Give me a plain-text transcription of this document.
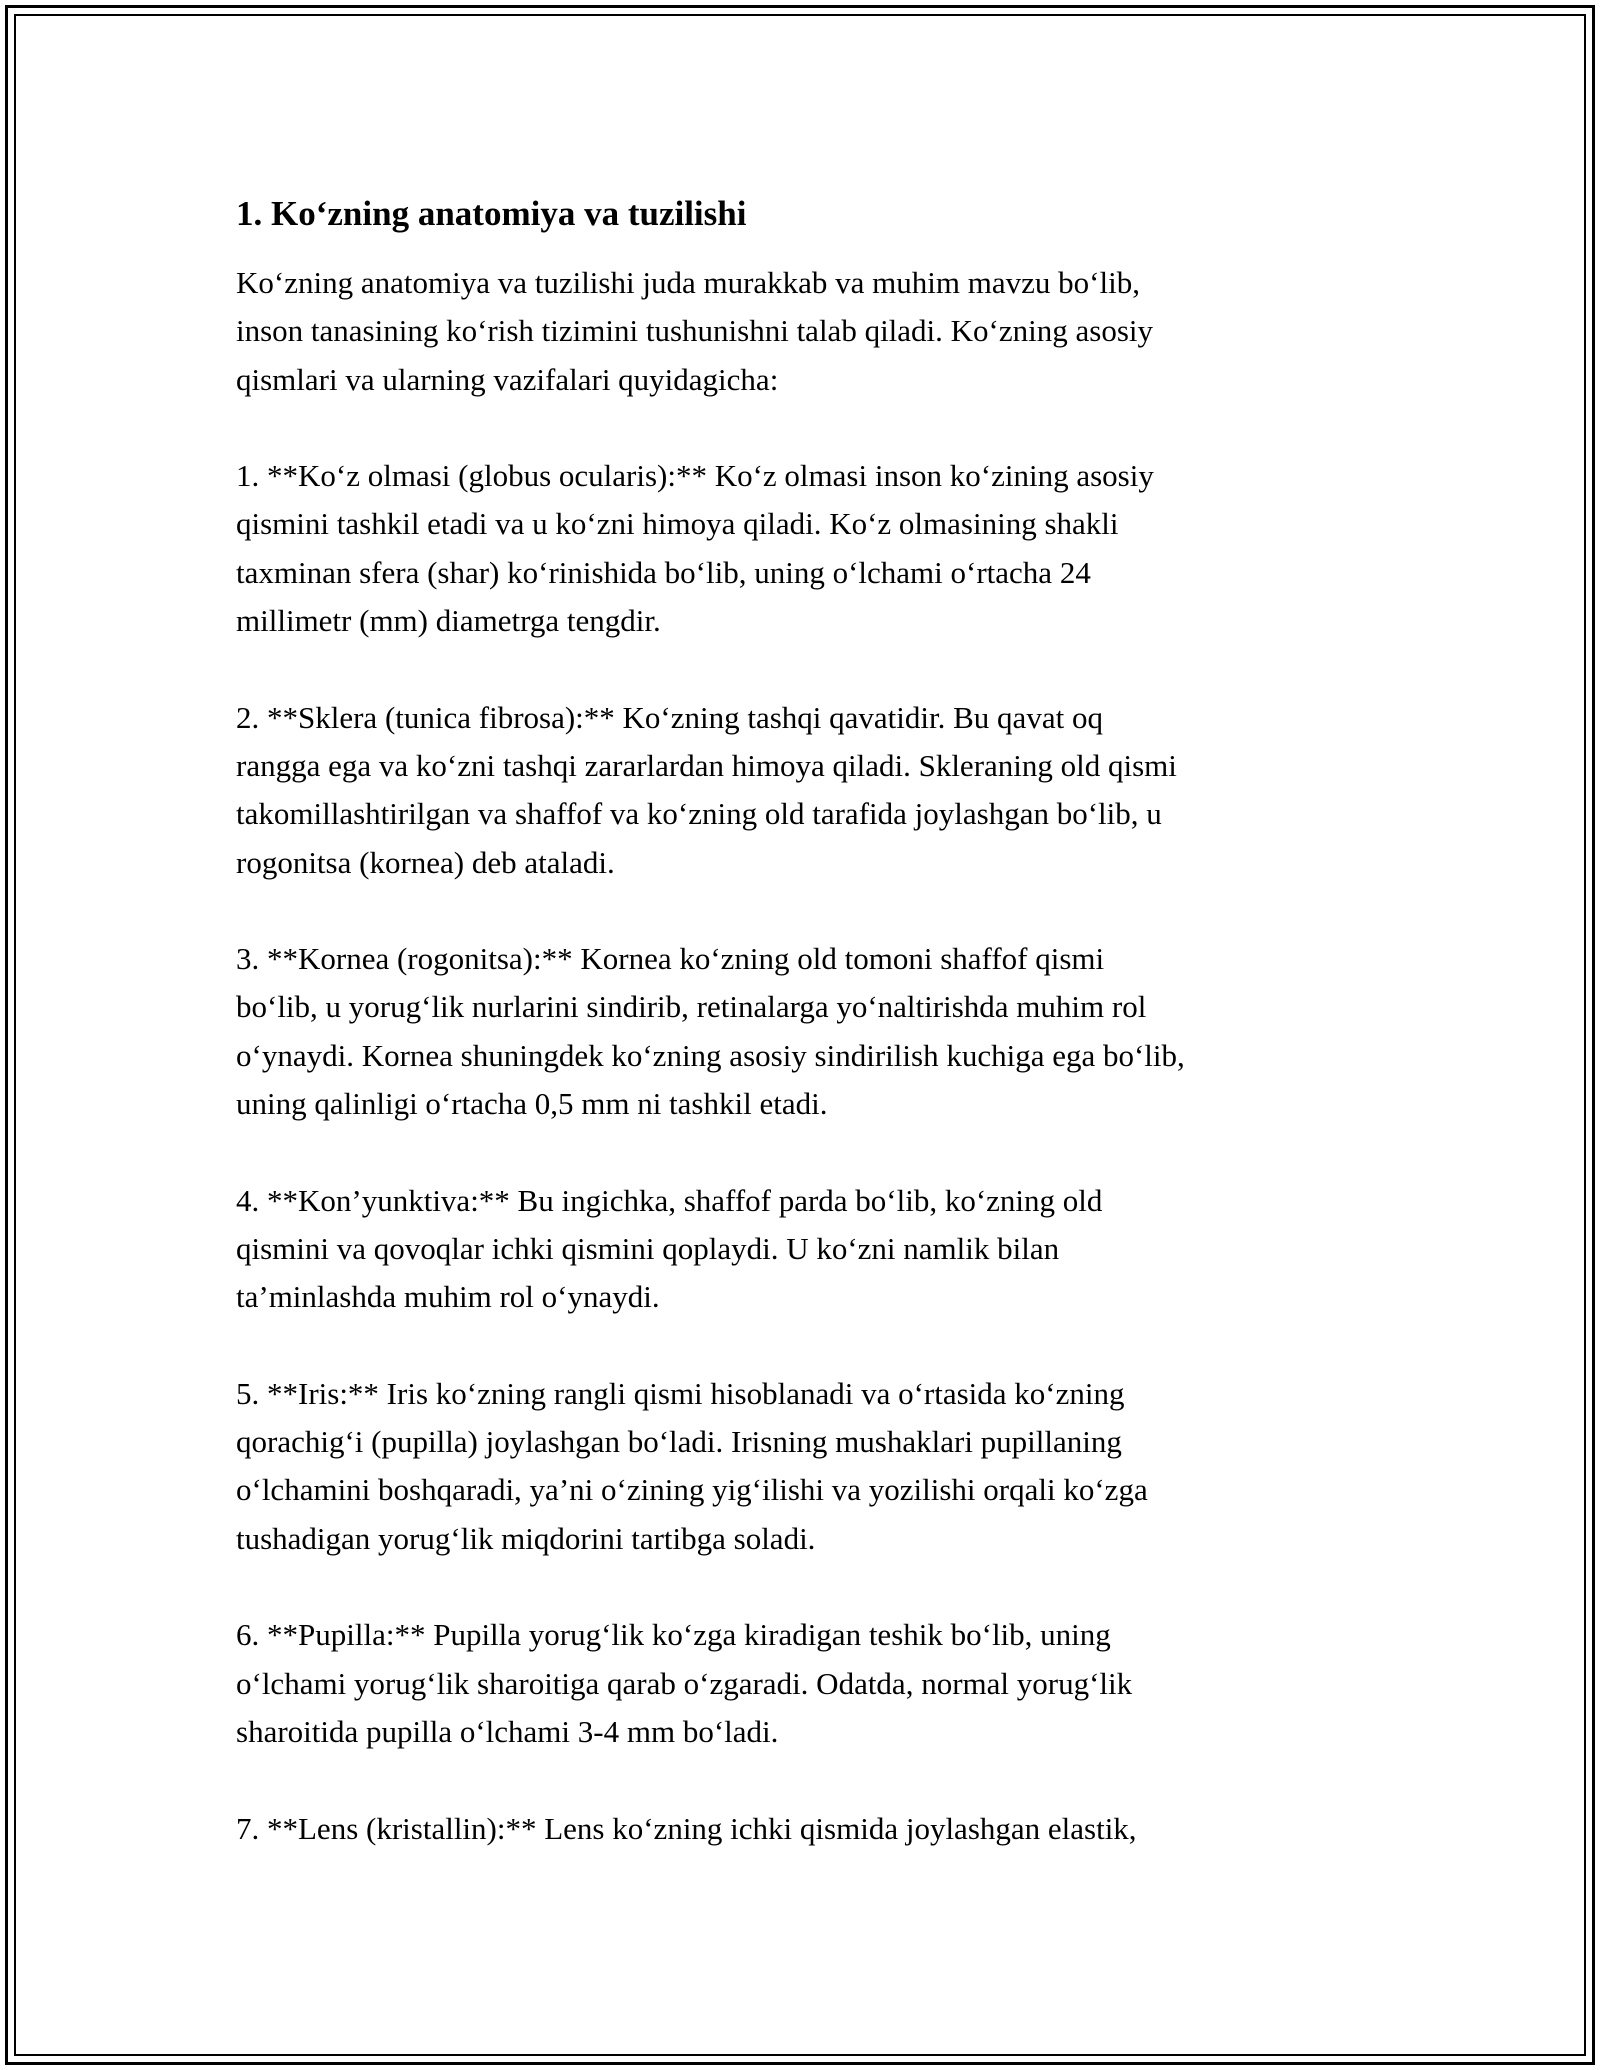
1. Koʻzning anatomiya va tuzilishi

Koʻzning anatomiya va tuzilishi juda murakkab va muhim mavzu boʻlib,
inson tanasining koʻrish tizimini tushunishni talab qiladi. Koʻzning asosiy
qismlari va ularning vazifalari quyidagicha:

1. **Koʻz olmasi (globus ocularis):** Koʻz olmasi inson koʻzining asosiy
qismini tashkil etadi va u koʻzni himoya qiladi. Koʻz olmasining shakli
taxminan sfera (shar) koʻrinishida boʻlib, uning oʻlchami oʻrtacha 24
millimetr (mm) diametrga tengdir.

2. **Sklera (tunica fibrosa):** Koʻzning tashqi qavatidir. Bu qavat oq
rangga ega va koʻzni tashqi zararlardan himoya qiladi. Skleraning old qismi
takomillashtirilgan va shaffof va koʻzning old tarafida joylashgan boʻlib, u
rogonitsa (kornea) deb ataladi.

3. **Kornea (rogonitsa):** Kornea koʻzning old tomoni shaffof qismi
boʻlib, u yorugʻlik nurlarini sindirib, retinalarga yoʻnaltirishda muhim rol
oʻynaydi. Kornea shuningdek koʻzning asosiy sindirilish kuchiga ega boʻlib,
uning qalinligi oʻrtacha 0,5 mm ni tashkil etadi.

4. **Kon’yunktiva:** Bu ingichka, shaffof parda boʻlib, koʻzning old
qismini va qovoqlar ichki qismini qoplaydi. U koʻzni namlik bilan
ta’minlashda muhim rol oʻynaydi.

5. **Iris:** Iris koʻzning rangli qismi hisoblanadi va oʻrtasida koʻzning
qorachigʻi (pupilla) joylashgan boʻladi. Irisning mushaklari pupillaning
oʻlchamini boshqaradi, ya’ni oʻzining yigʻilishi va yozilishi orqali koʻzga
tushadigan yorugʻlik miqdorini tartibga soladi.

6. **Pupilla:** Pupilla yorugʻlik koʻzga kiradigan teshik boʻlib, uning
oʻlchami yorugʻlik sharoitiga qarab oʻzgaradi. Odatda, normal yorugʻlik
sharoitida pupilla oʻlchami 3-4 mm boʻladi.

7. **Lens (kristallin):** Lens koʻzning ichki qismida joylashgan elastik,
